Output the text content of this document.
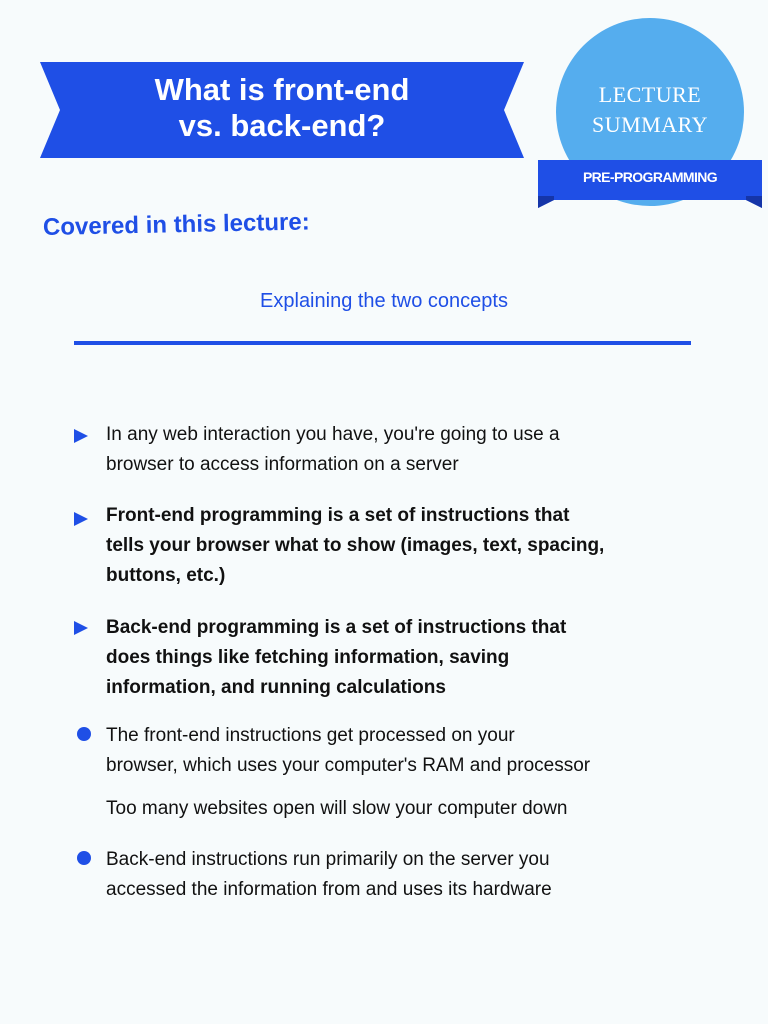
What is front-end
vs. back-end?
LECTURE
SUMMARY
PRE-PROGRAMMING
Covered in this lecture:
Explaining the two concepts
In any web interaction you have, you're going to use a
browser to access information on a server
Front-end programming is a set of instructions that
tells your browser what to show (images, text, spacing,
buttons, etc.)
Back-end programming is a set of instructions that
does things like fetching information, saving
information, and running calculations
The front-end instructions get processed on your
browser, which uses your computer's RAM and processor
Too many websites open will slow your computer down
Back-end instructions run primarily on the server you
accessed the information from and uses its hardware
